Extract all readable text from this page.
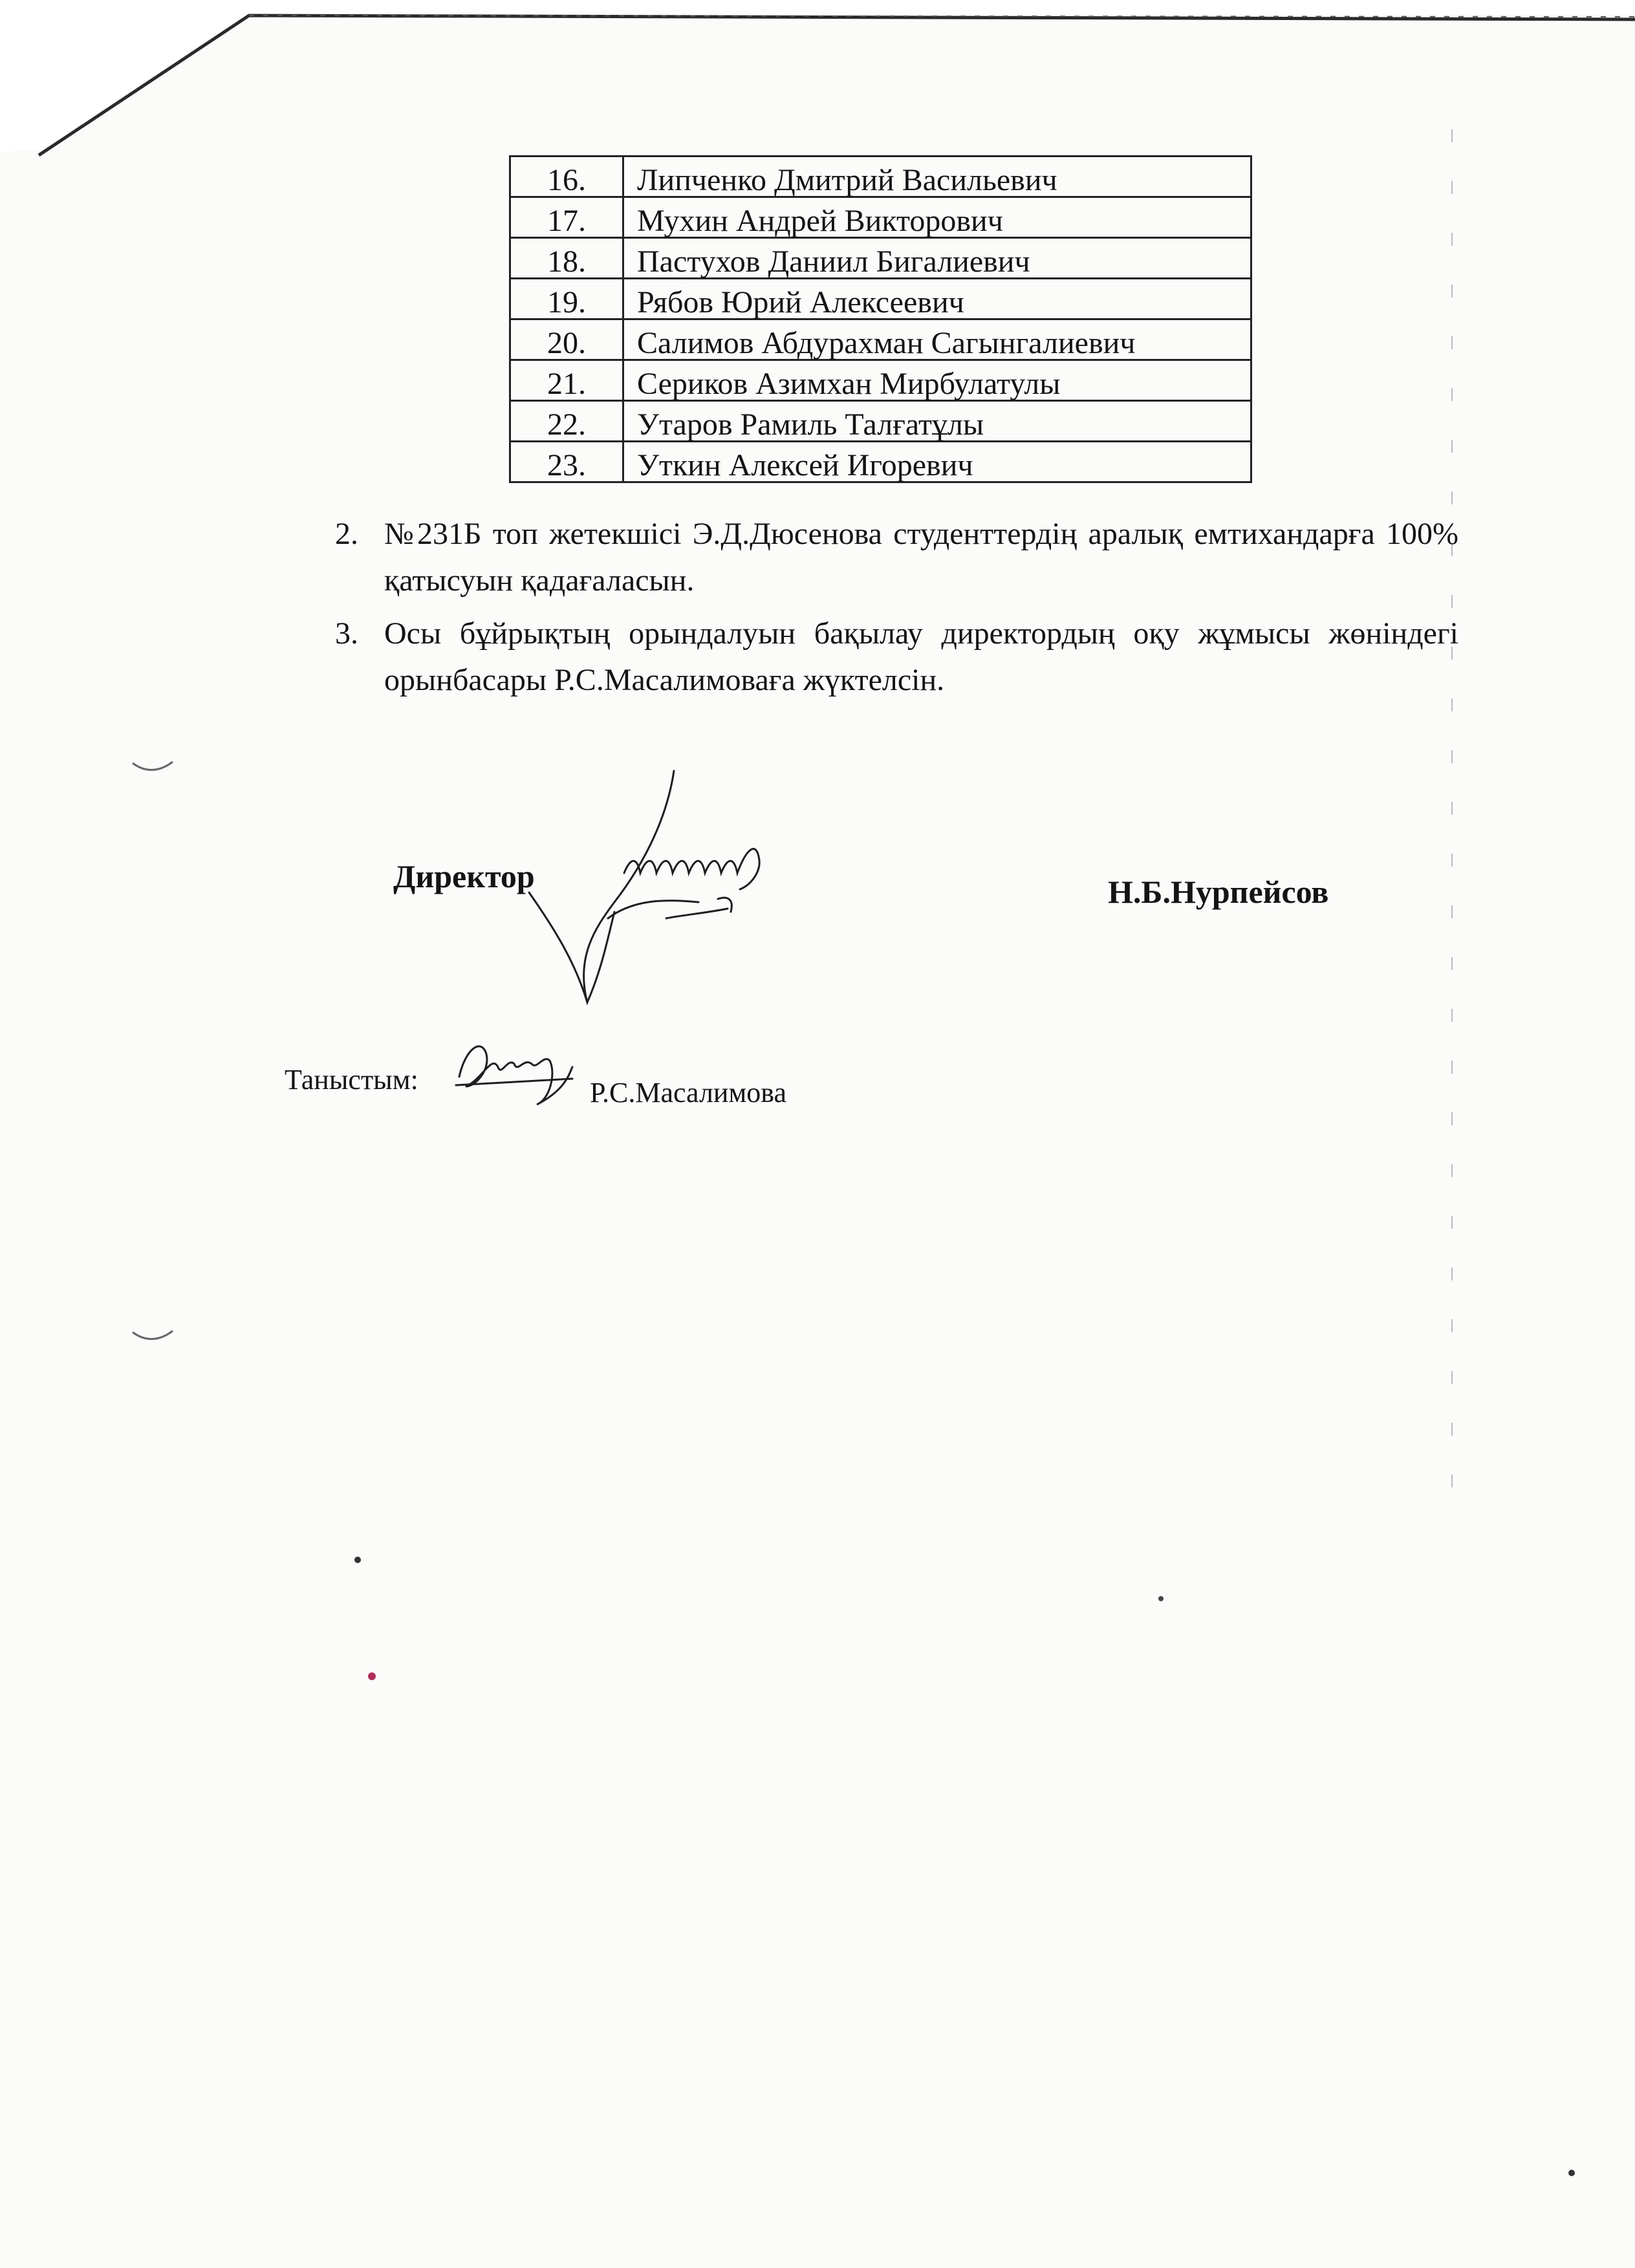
16.	Липченко Дмитрий Васильевич
17.	Мухин Андрей Викторович
18.	Пастухов Даниил Бигалиевич
19.	Рябов Юрий Алексеевич
20.	Салимов Абдурахман Сагынгалиевич
21.	Сериков Азимхан Мирбулатулы
22.	Утаров Рамиль Талғатұлы
23.	Уткин Алексей Игоревич
2. №231Б топ жетекшісі Э.Д.Дюсенова студенттердің аралық емтихандарға 100% қатысуын қадағаласын.
3. Осы бұйрықтың орындалуын бақылау директордың оқу жұмысы жөніндегі орынбасары Р.С.Масалимоваға жүктелсін.
Директор	Н.Б.Нурпейсов
Таныстым:	Р.С.Масалимова
